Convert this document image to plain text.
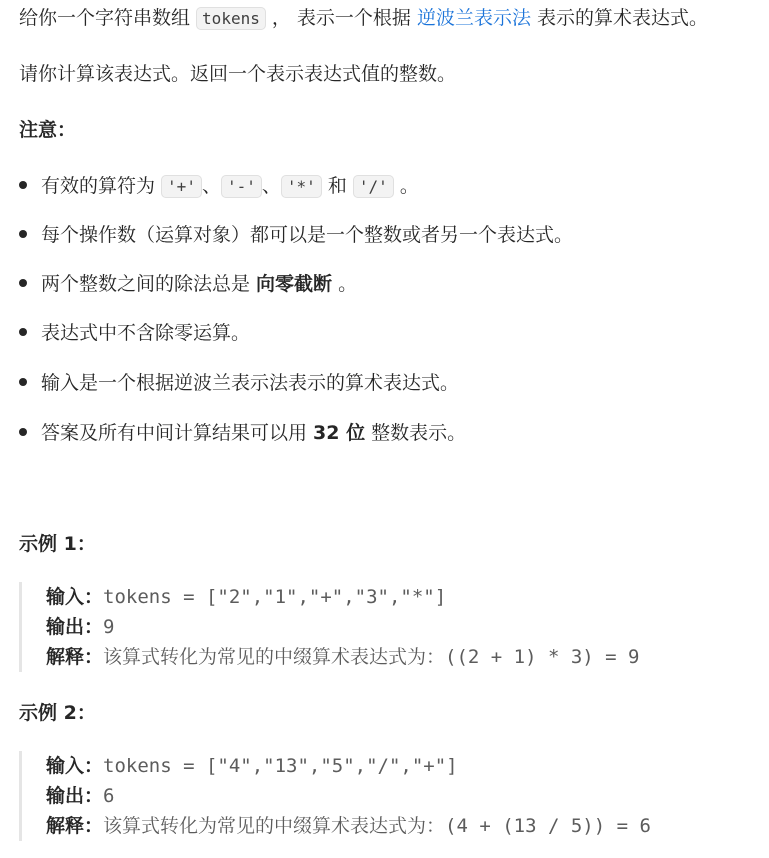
给你一个字符串数组 tokens ， 表示一个根据 逆波兰表示法 表示的算术表达式。

请你计算该表达式。返回一个表示表达式值的整数。

注意：

有效的算符为 '+' 、 '-' 、 '*' 和 '/' 。
每个操作数（运算对象）都可以是一个整数或者另一个表达式。
两个整数之间的除法总是 向零截断 。
表达式中不含除零运算。
输入是一个根据逆波兰表示法表示的算术表达式。
答案及所有中间计算结果可以用 32 位 整数表示。

示例 1：

输入：tokens = ["2","1","+","3","*"]
输出：9
解释：该算式转化为常见的中缀算术表达式为：((2 + 1) * 3) = 9

示例 2：

输入：tokens = ["4","13","5","/","+"]
输出：6
解释：该算式转化为常见的中缀算术表达式为：(4 + (13 / 5)) = 6
